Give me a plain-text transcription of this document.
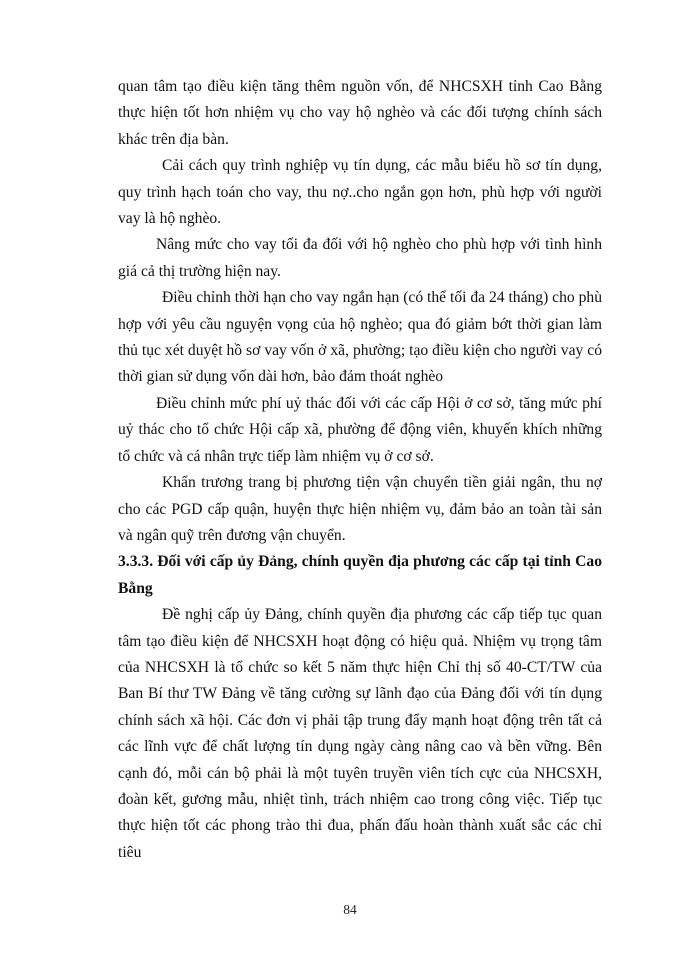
quan tâm tạo điều kiện tăng thêm nguồn vốn, để NHCSXH tỉnh Cao Bằng thực hiện tốt hơn nhiệm vụ cho vay hộ nghèo và các đối tượng chính sách khác trên địa bàn.

Cải cách quy trình nghiệp vụ tín dụng, các mẫu biểu hồ sơ tín dụng, quy trình hạch toán cho vay, thu nợ..cho ngắn gọn hơn, phù hợp với người vay là hộ nghèo.

Nâng mức cho vay tối đa đối với hộ nghèo cho phù hợp với tình hình giá cả thị trường hiện nay.

Điều chỉnh thời hạn cho vay ngắn hạn (có thể tối đa 24 tháng) cho phù hợp với yêu cầu nguyện vọng của hộ nghèo; qua đó giảm bớt thời gian làm thủ tục xét duyệt hồ sơ vay vốn ở xã, phường; tạo điều kiện cho người vay có thời gian sử dụng vốn dài hơn, bảo đảm thoát nghèo

Điều chỉnh mức phí uỷ thác đối với các cấp Hội ở cơ sở, tăng mức phí uỷ thác cho tổ chức Hội cấp xã, phường để động viên, khuyến khích những tổ chức và cá nhân trực tiếp làm nhiệm vụ ở cơ sở.

Khẩn trương trang bị phương tiện vận chuyển tiền giải ngân, thu nợ cho các PGD cấp quận, huyện thực hiện nhiệm vụ, đảm bảo an toàn tài sản và ngân quỹ trên đương vận chuyển.

3.3.3. Đối với cấp ủy Đảng, chính quyền địa phương các cấp tại tỉnh Cao Bằng

Đề nghị cấp ủy Đảng, chính quyền địa phương các cấp tiếp tục quan tâm tạo điều kiện để NHCSXH hoạt động có hiệu quả. Nhiệm vụ trọng tâm của NHCSXH là tổ chức so kết 5 năm thực hiện Chỉ thị số 40-CT/TW của Ban Bí thư TW Đảng về tăng cường sự lãnh đạo của Đảng đối với tín dụng chính sách xã hội. Các đơn vị phải tập trung đẩy mạnh hoạt động trên tất cả các lĩnh vực để chất lượng tín dụng ngày càng nâng cao và bền vững. Bên cạnh đó, mỗi cán bộ phải là một tuyên truyền viên tích cực của NHCSXH, đoàn kết, gương mẫu, nhiệt tình, trách nhiệm cao trong công việc. Tiếp tục thực hiện tốt các phong trào thi đua, phấn đấu hoàn thành xuất sắc các chỉ tiêu

84
